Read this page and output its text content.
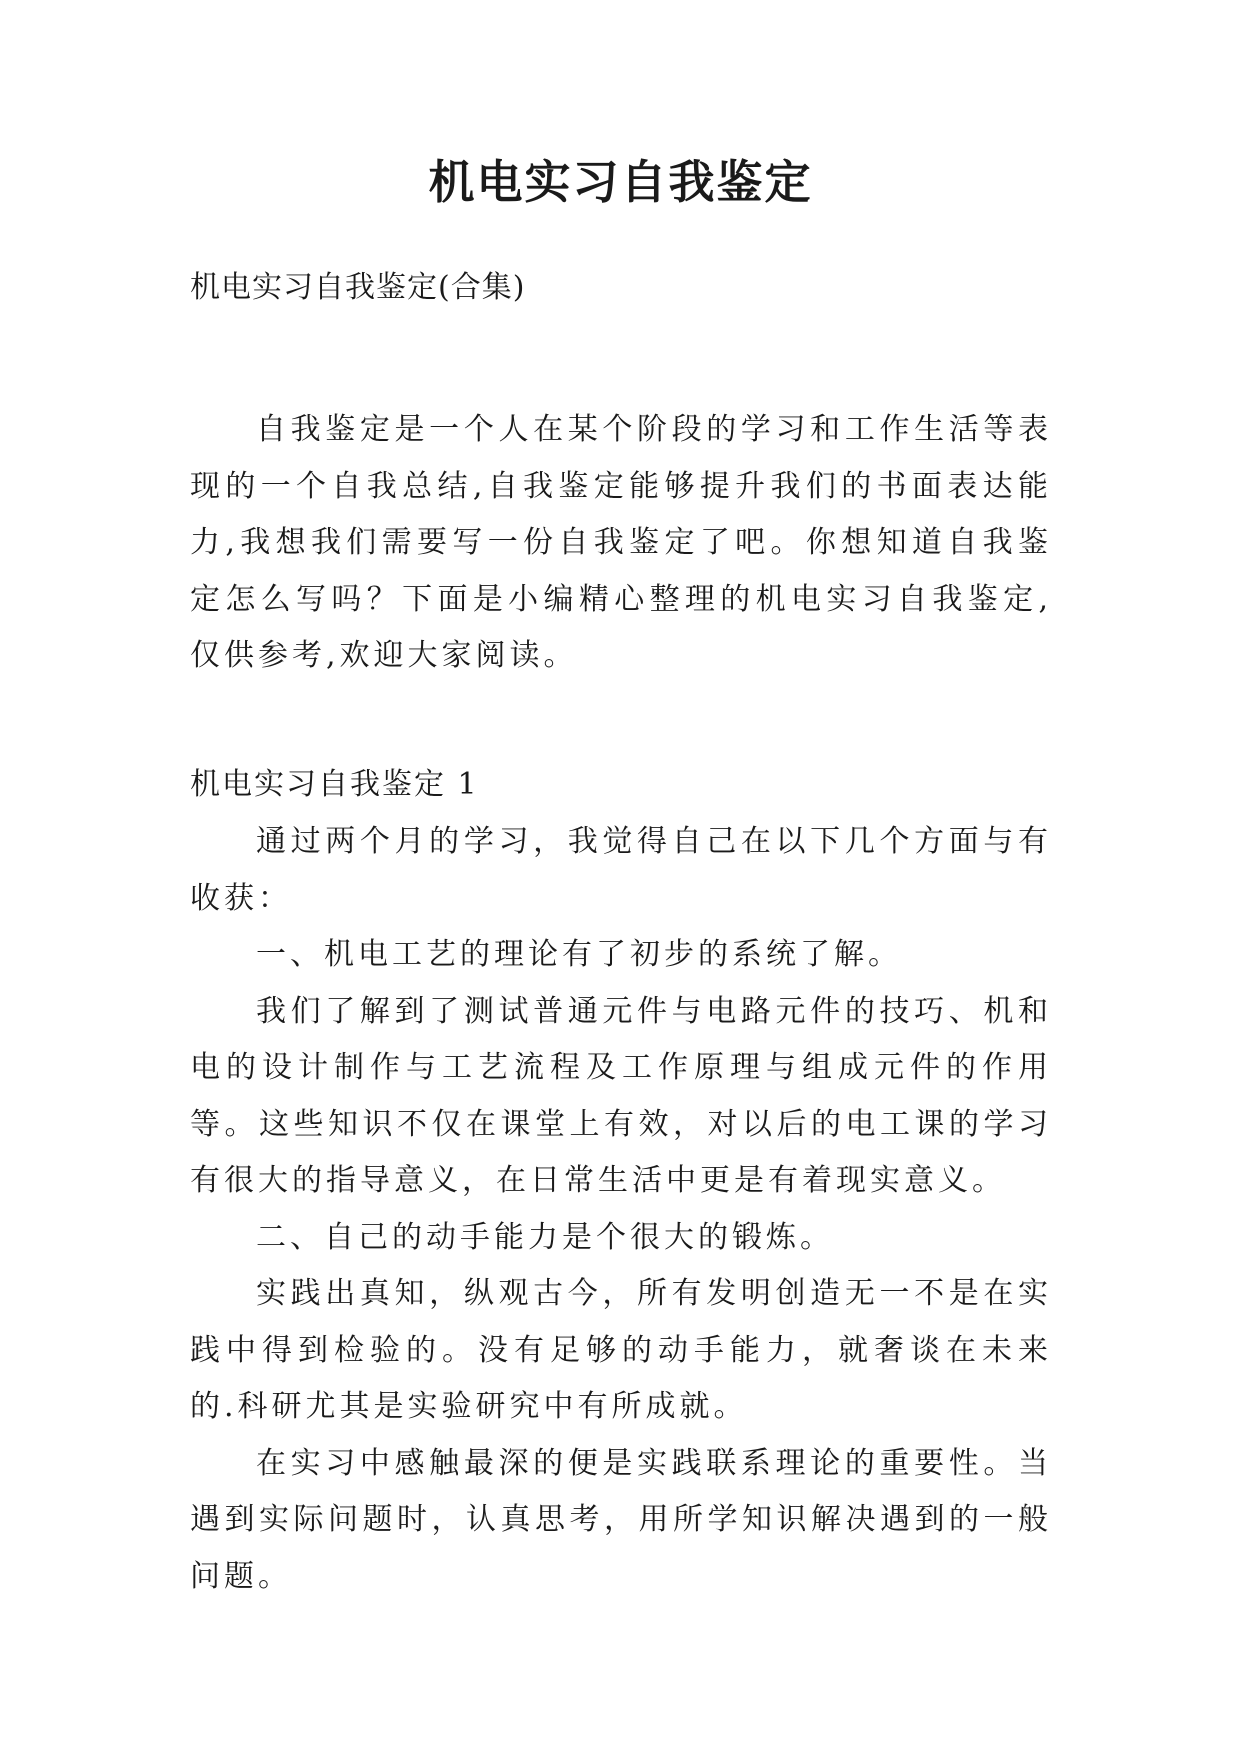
机电实习自我鉴定
机电实习自我鉴定(合集)
自我鉴定是一个人在某个阶段的学习和工作生活等表现的一个自我总结,自我鉴定能够提升我们的书面表达能力,我想我们需要写一份自我鉴定了吧。你想知道自我鉴定怎么写吗？下面是小编精心整理的机电实习自我鉴定,仅供参考,欢迎大家阅读。
机电实习自我鉴定 1

通过两个月的学习，我觉得自己在以下几个方面与有收获：

一、机电工艺的理论有了初步的系统了解。

我们了解到了测试普通元件与电路元件的技巧、机和电的设计制作与工艺流程及工作原理与组成元件的作用等。这些知识不仅在课堂上有效，对以后的电工课的学习有很大的指导意义，在日常生活中更是有着现实意义。

二、自己的动手能力是个很大的锻炼。

实践出真知，纵观古今，所有发明创造无一不是在实践中得到检验的。没有足够的动手能力，就奢谈在未来的.科研尤其是实验研究中有所成就。

在实习中感触最深的便是实践联系理论的重要性。当遇到实际问题时，认真思考，用所学知识解决遇到的一般问题。
